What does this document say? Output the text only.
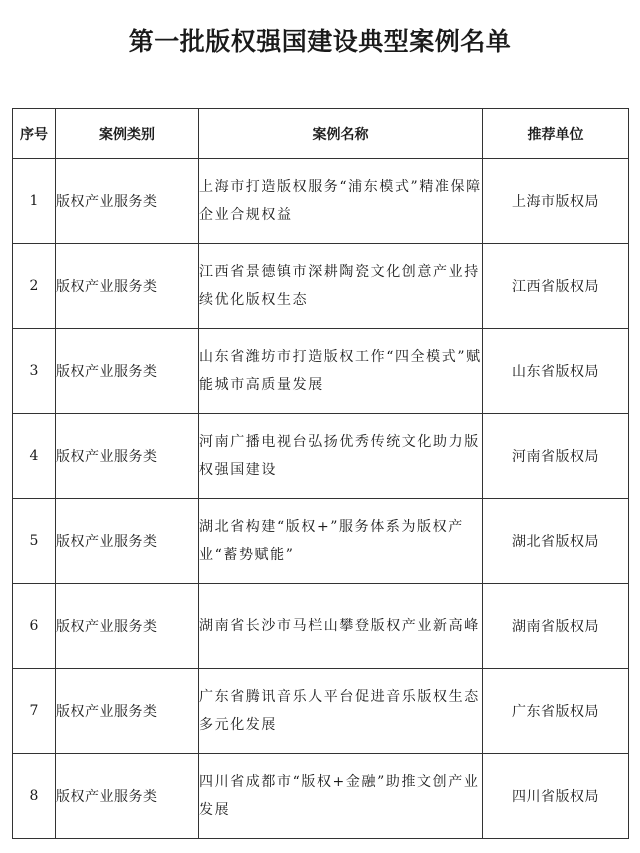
第一批版权强国建设典型案例名单
序号	案例类别	案例名称	推荐单位
1	版权产业服务类	上海市打造版权服务“浦东模式”精准保障企业合规权益	上海市版权局
2	版权产业服务类	江西省景德镇市深耕陶瓷文化创意产业持续优化版权生态	江西省版权局
3	版权产业服务类	山东省潍坊市打造版权工作“四全模式”赋能城市高质量发展	山东省版权局
4	版权产业服务类	河南广播电视台弘扬优秀传统文化助力版权强国建设	河南省版权局
5	版权产业服务类	湖北省构建“版权+”服务体系为版权产业“蓄势赋能”	湖北省版权局
6	版权产业服务类	湖南省长沙市马栏山攀登版权产业新高峰	湖南省版权局
7	版权产业服务类	广东省腾讯音乐人平台促进音乐版权生态多元化发展	广东省版权局
8	版权产业服务类	四川省成都市“版权+金融”助推文创产业发展	四川省版权局
